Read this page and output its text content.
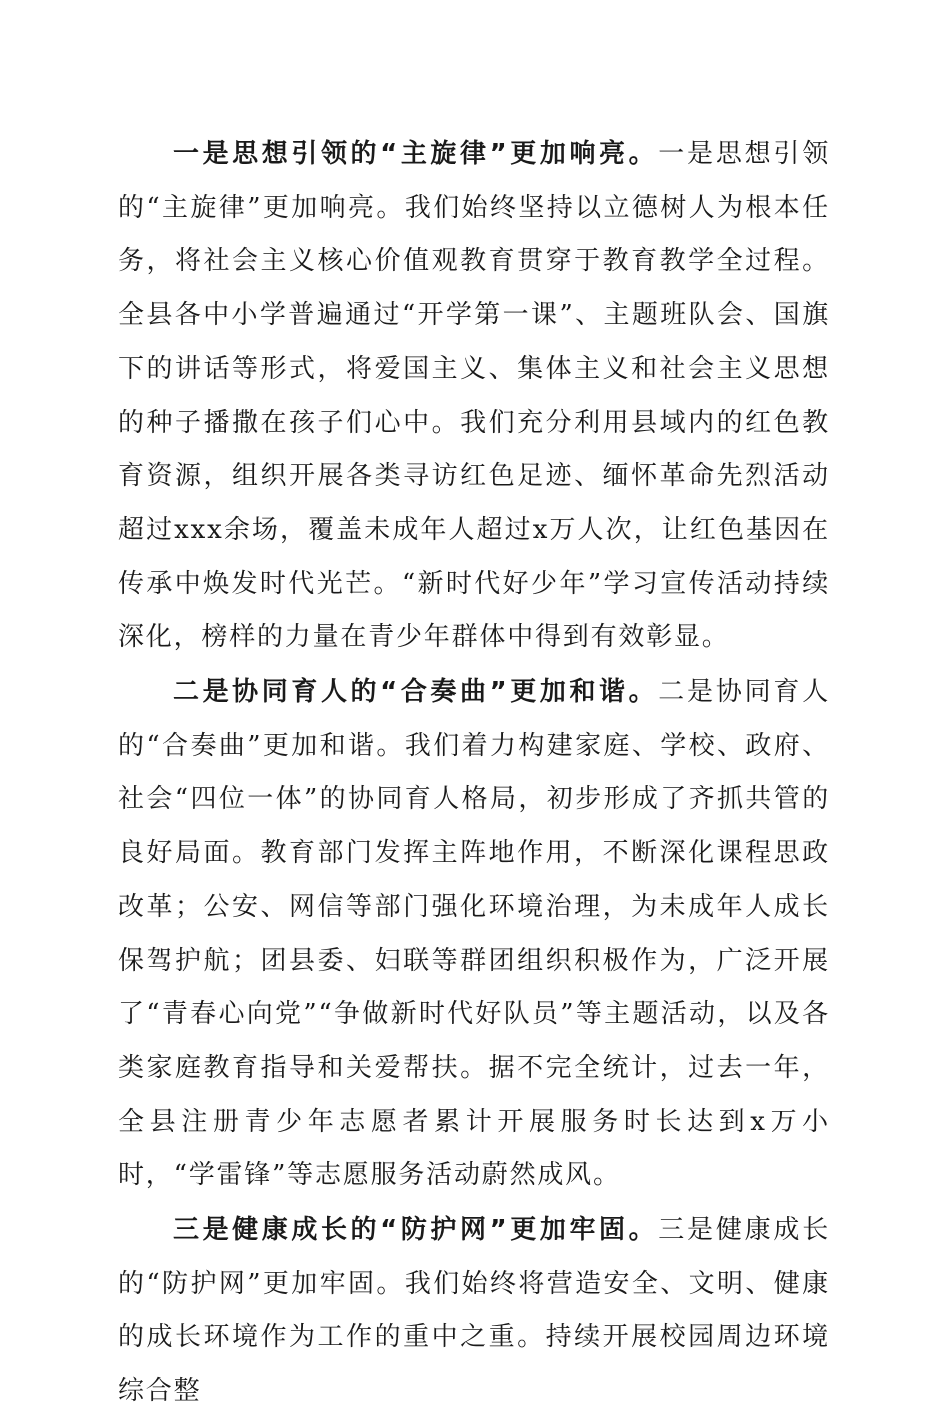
一是思想引领的“主旋律”更加响亮。一是思想引领的“主旋律”更加响亮。我们始终坚持以立德树人为根本任务，将社会主义核心价值观教育贯穿于教育教学全过程。全县各中小学普遍通过“开学第一课”、主题班队会、国旗下的讲话等形式，将爱国主义、集体主义和社会主义思想的种子播撒在孩子们心中。我们充分利用县域内的红色教育资源，组织开展各类寻访红色足迹、缅怀革命先烈活动超过xxx余场，覆盖未成年人超过x万人次，让红色基因在传承中焕发时代光芒。“新时代好少年”学习宣传活动持续深化，榜样的力量在青少年群体中得到有效彰显。

二是协同育人的“合奏曲”更加和谐。二是协同育人的“合奏曲”更加和谐。我们着力构建家庭、学校、政府、社会“四位一体”的协同育人格局，初步形成了齐抓共管的良好局面。教育部门发挥主阵地作用，不断深化课程思政改革；公安、网信等部门强化环境治理，为未成年人成长保驾护航；团县委、妇联等群团组织积极作为，广泛开展了“青春心向党”“争做新时代好队员”等主题活动，以及各类家庭教育指导和关爱帮扶。据不完全统计，过去一年，全县注册青少年志愿者累计开展服务时长达到x万小时，“学雷锋”等志愿服务活动蔚然成风。

三是健康成长的“防护网”更加牢固。三是健康成长的“防护网”更加牢固。我们始终将营造安全、文明、健康的成长环境作为工作的重中之重。持续开展校园周边环境综合整
